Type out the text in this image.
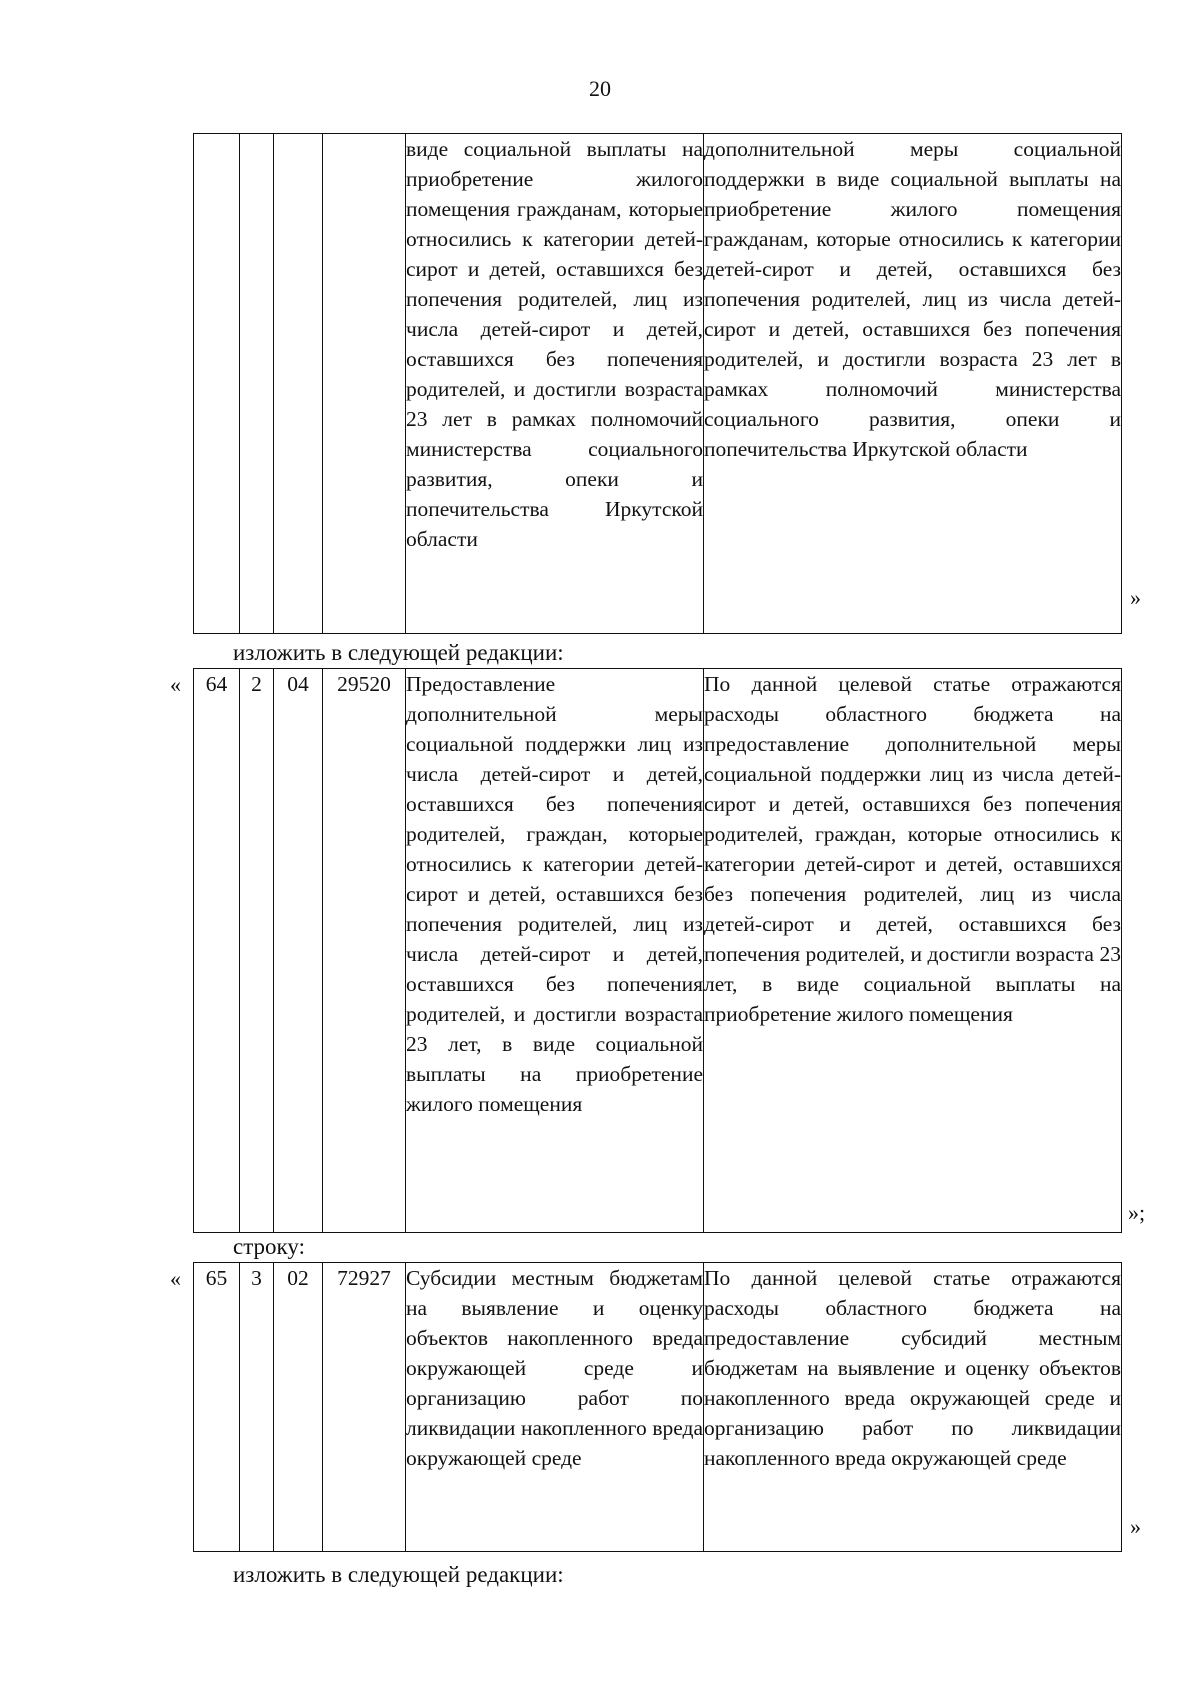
20
				виде социальной выплаты на приобретение жилого помещения гражданам, которые относились к категории детей-сирот и детей, оставшихся без попечения родителей, лиц из числа детей-сирот и детей, оставшихся без попечения родителей, и достигли возраста 23 лет в рамках полномочий министерства социального развития, опеки и попечительства Иркутской области	дополнительной меры социальной поддержки в виде социальной выплаты на приобретение жилого помещения гражданам, которые относились к категории детей-сирот и детей, оставшихся без попечения родителей, лиц из числа детей-сирот и детей, оставшихся без попечения родителей, и достигли возраста 23 лет в рамках полномочий министерства социального развития, опеки и попечительства Иркутской области
»
изложить в следующей редакции:
« 64	2	04	29520	Предоставление дополнительной меры социальной поддержки лиц из числа детей-сирот и детей, оставшихся без попечения родителей, граждан, которые относились к категории детей-сирот и детей, оставшихся без попечения родителей, лиц из числа детей-сирот и детей, оставшихся без попечения родителей, и достигли возраста 23 лет, в виде социальной выплаты на приобретение жилого помещения	По данной целевой статье отражаются расходы областного бюджета на предоставление дополнительной меры социальной поддержки лиц из числа детей-сирот и детей, оставшихся без попечения родителей, граждан, которые относились к категории детей-сирот и детей, оставшихся без попечения родителей, лиц из числа детей-сирот и детей, оставшихся без попечения родителей, и достигли возраста 23 лет, в виде социальной выплаты на приобретение жилого помещения
»;
строку:
« 65	3	02	72927	Субсидии местным бюджетам на выявление и оценку объектов накопленного вреда окружающей среде и организацию работ по ликвидации накопленного вреда окружающей среде	По данной целевой статье отражаются расходы областного бюджета на предоставление субсидий местным бюджетам на выявление и оценку объектов накопленного вреда окружающей среде и организацию работ по ликвидации накопленного вреда окружающей среде
»
изложить в следующей редакции:
